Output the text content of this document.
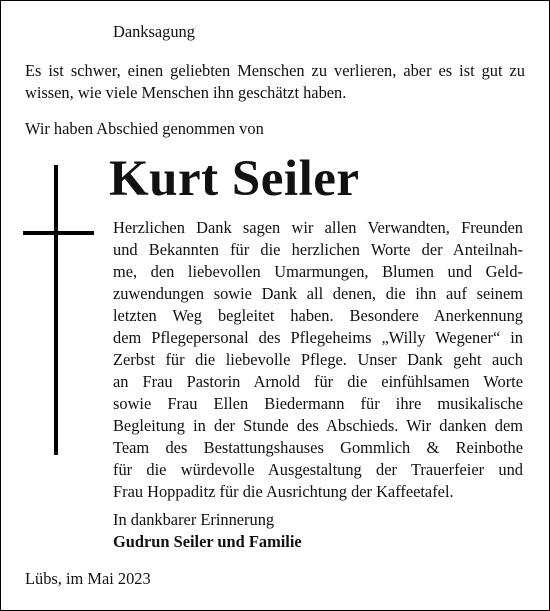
Danksagung

Es ist schwer, einen geliebten Menschen zu verlieren, aber es ist gut zu wissen, wie viele Menschen ihn geschätzt haben.

Wir haben Abschied genommen von

Kurt Seiler

Herzlichen Dank sagen wir allen Verwandten, Freunden
und Bekannten für die herzlichen Worte der Anteilnah-
me, den liebevollen Umarmungen, Blumen und Geld-
zuwendungen sowie Dank all denen, die ihn auf seinem
letzten Weg begleitet haben. Besondere Anerkennung
dem Pflegepersonal des Pflegeheims „Willy Wegener“ in
Zerbst für die liebevolle Pflege. Unser Dank geht auch
an Frau Pastorin Arnold für die einfühlsamen Worte
sowie Frau Ellen Biedermann für ihre musikalische
Begleitung in der Stunde des Abschieds. Wir danken dem
Team des Bestattungshauses Gommlich & Reinbothe
für die würdevolle Ausgestaltung der Trauerfeier und
Frau Hoppaditz für die Ausrichtung der Kaffeetafel.

In dankbarer Erinnerung

Gudrun Seiler und Familie

Lübs, im Mai 2023
